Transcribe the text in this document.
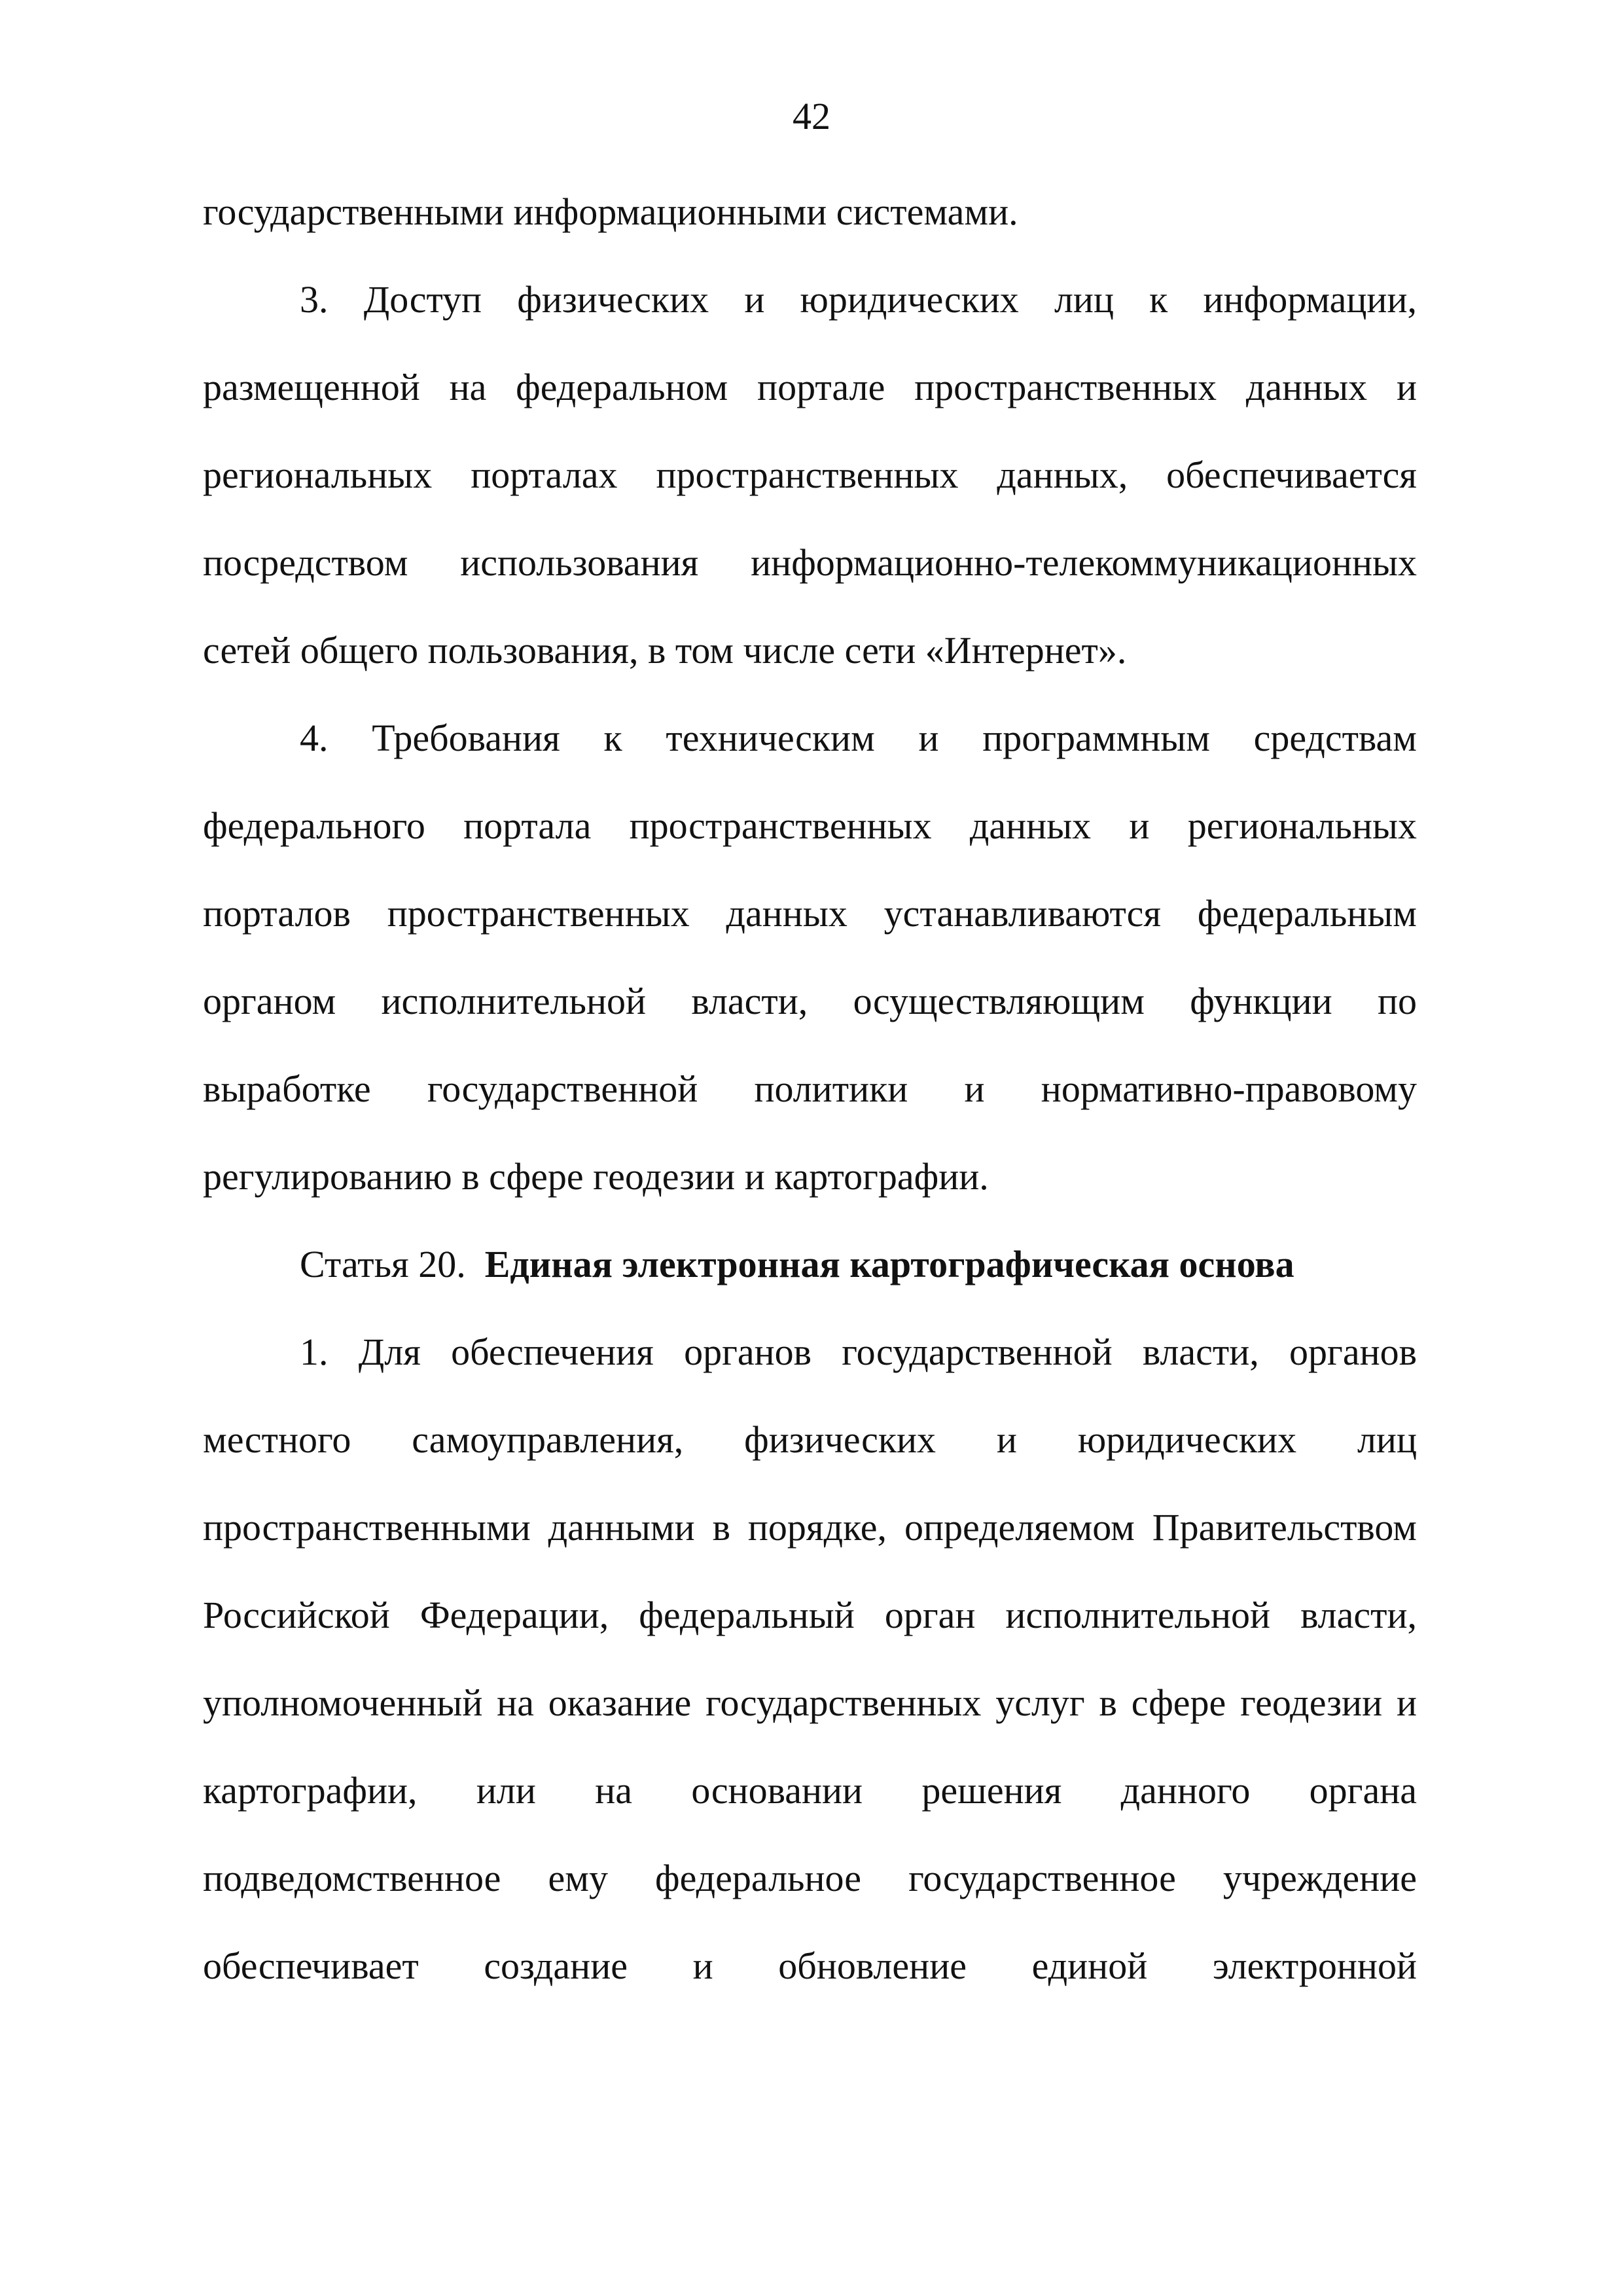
42
государственными информационными системами.
3. Доступ физических и юридических лиц к информации,
размещенной на федеральном портале пространственных данных и
региональных порталах пространственных данных, обеспечивается
посредством использования информационно-телекоммуникационных
сетей общего пользования, в том числе сети «Интернет».
4. Требования к техническим и программным средствам
федерального портала пространственных данных и региональных
порталов пространственных данных устанавливаются федеральным
органом исполнительной власти, осуществляющим функции по
выработке государственной политики и нормативно-правовому
регулированию в сфере геодезии и картографии.
Статья 20. Единая электронная картографическая основа
1. Для обеспечения органов государственной власти, органов
местного самоуправления, физических и юридических лиц
пространственными данными в порядке, определяемом Правительством
Российской Федерации, федеральный орган исполнительной власти,
уполномоченный на оказание государственных услуг в сфере геодезии и
картографии, или на основании решения данного органа
подведомственное ему федеральное государственное учреждение
обеспечивает создание и обновление единой электронной
